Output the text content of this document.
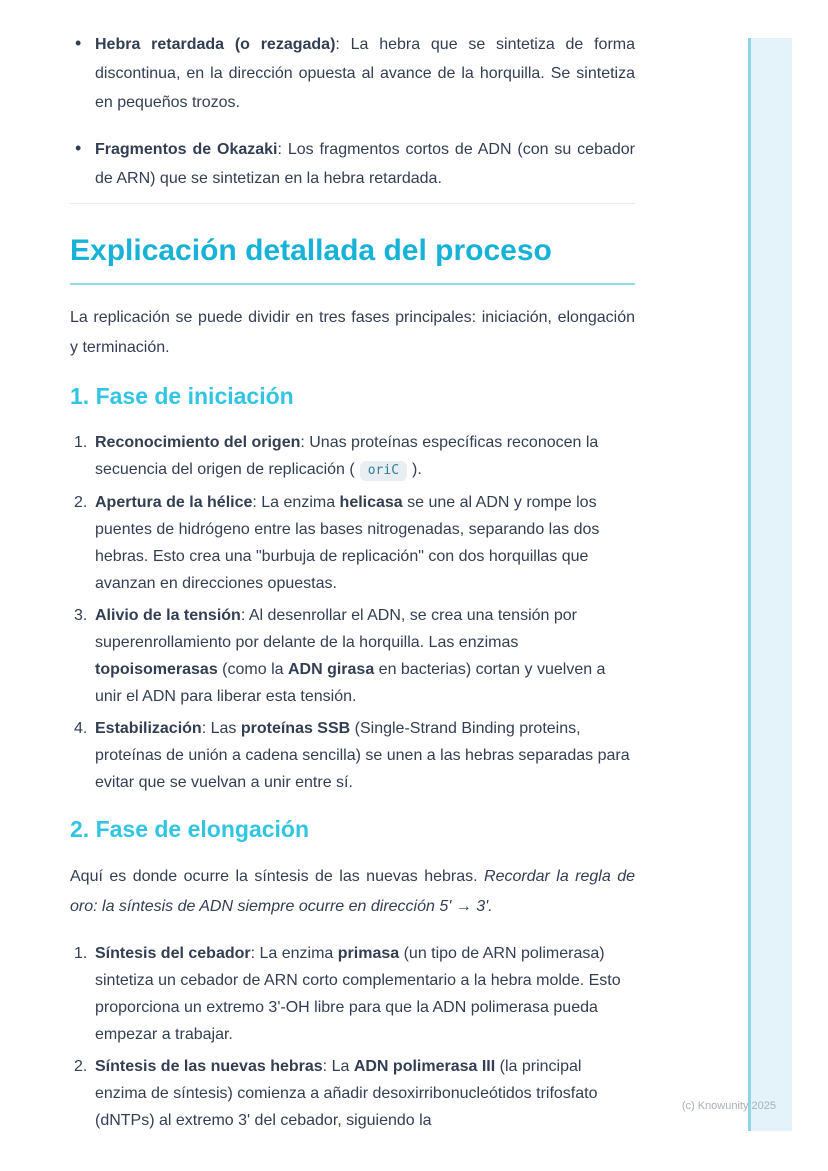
• Hebra retardada (o rezagada): La hebra que se sintetiza de forma discontinua, en la dirección opuesta al avance de la horquilla. Se sintetiza en pequeños trozos.
• Fragmentos de Okazaki: Los fragmentos cortos de ADN (con su cebador de ARN) que se sintetizan en la hebra retardada.
Explicación detallada del proceso

La replicación se puede dividir en tres fases principales: iniciación, elongación y terminación.

1. Fase de iniciación
Reconocimiento del origen: Unas proteínas específicas reconocen la secuencia del origen de replicación ( oriC ).
Apertura de la hélice: La enzima helicasa se une al ADN y rompe los puentes de hidrógeno entre las bases nitrogenadas, separando las dos hebras. Esto crea una "burbuja de replicación" con dos horquillas que avanzan en direcciones opuestas.
Alivio de la tensión: Al desenrollar el ADN, se crea una tensión por superenrollamiento por delante de la horquilla. Las enzimas topoisomerasas (como la ADN girasa en bacterias) cortan y vuelven a unir el ADN para liberar esta tensión.
Estabilización: Las proteínas SSB (Single-Strand Binding proteins, proteínas de unión a cadena sencilla) se unen a las hebras separadas para evitar que se vuelvan a unir entre sí.
2. Fase de elongación

Aquí es donde ocurre la síntesis de las nuevas hebras. Recordar la regla de oro: la síntesis de ADN siempre ocurre en dirección 5' → 3'.

Síntesis del cebador: La enzima primasa (un tipo de ARN polimerasa) sintetiza un cebador de ARN corto complementario a la hebra molde. Esto proporciona un extremo 3'-OH libre para que la ADN polimerasa pueda empezar a trabajar.
Síntesis de las nuevas hebras: La ADN polimerasa III (la principal enzima de síntesis) comienza a añadir desoxirribonucleótidos trifosfato (dNTPs) al extremo 3' del cebador, siguiendo la
(c) Knowunity 2025
